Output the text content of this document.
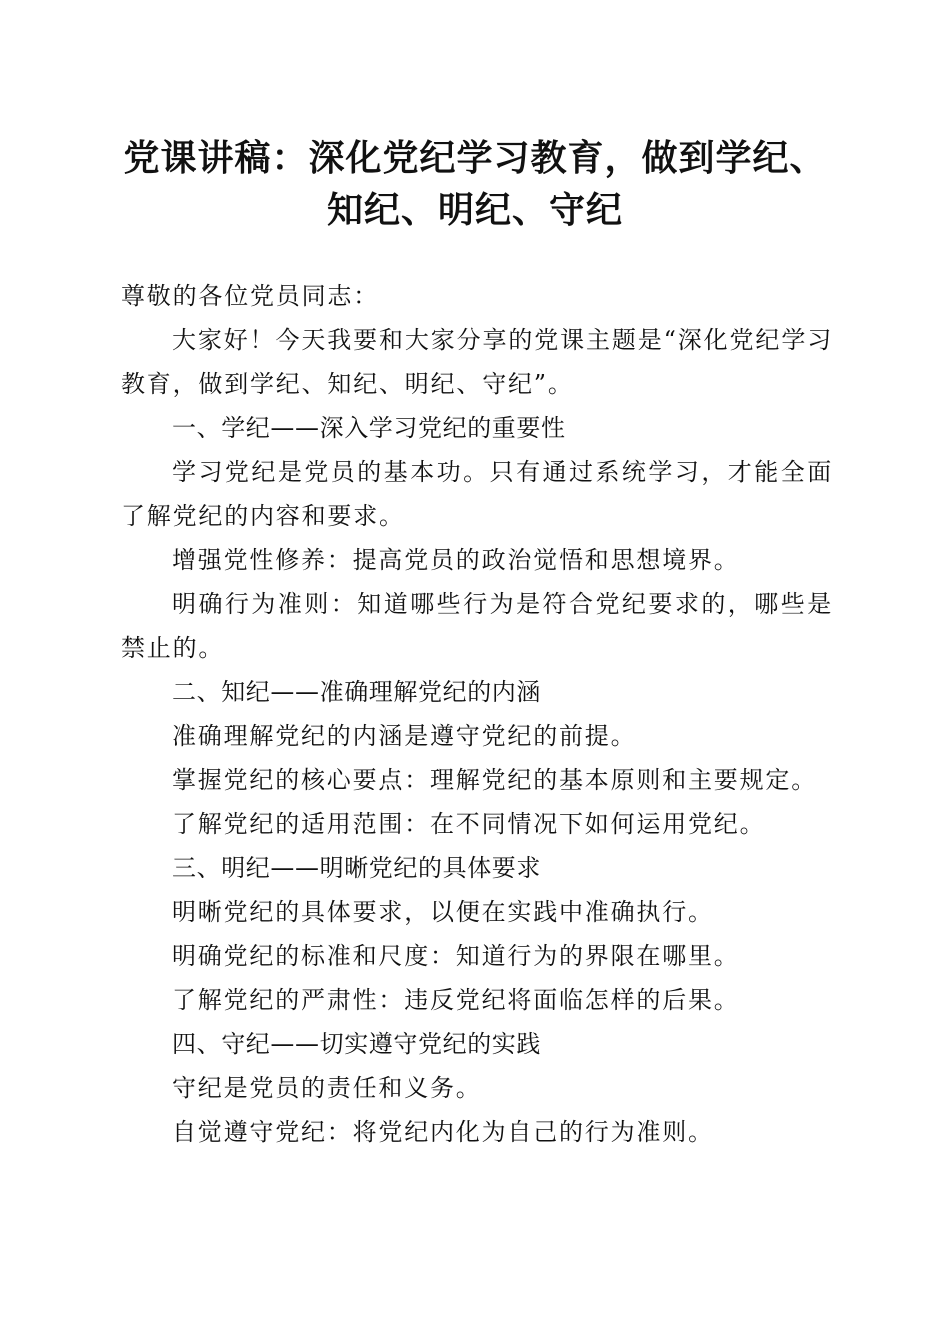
党课讲稿：深化党纪学习教育，做到学纪、知纪、明纪、守纪

尊敬的各位党员同志：

大家好！今天我要和大家分享的党课主题是“深化党纪学习教育，做到学纪、知纪、明纪、守纪”。

一、学纪——深入学习党纪的重要性

学习党纪是党员的基本功。只有通过系统学习，才能全面了解党纪的内容和要求。

增强党性修养：提高党员的政治觉悟和思想境界。

明确行为准则：知道哪些行为是符合党纪要求的，哪些是禁止的。

二、知纪——准确理解党纪的内涵

准确理解党纪的内涵是遵守党纪的前提。

掌握党纪的核心要点：理解党纪的基本原则和主要规定。

了解党纪的适用范围：在不同情况下如何运用党纪。

三、明纪——明晰党纪的具体要求

明晰党纪的具体要求，以便在实践中准确执行。

明确党纪的标准和尺度：知道行为的界限在哪里。

了解党纪的严肃性：违反党纪将面临怎样的后果。

四、守纪——切实遵守党纪的实践

守纪是党员的责任和义务。

自觉遵守党纪：将党纪内化为自己的行为准则。
